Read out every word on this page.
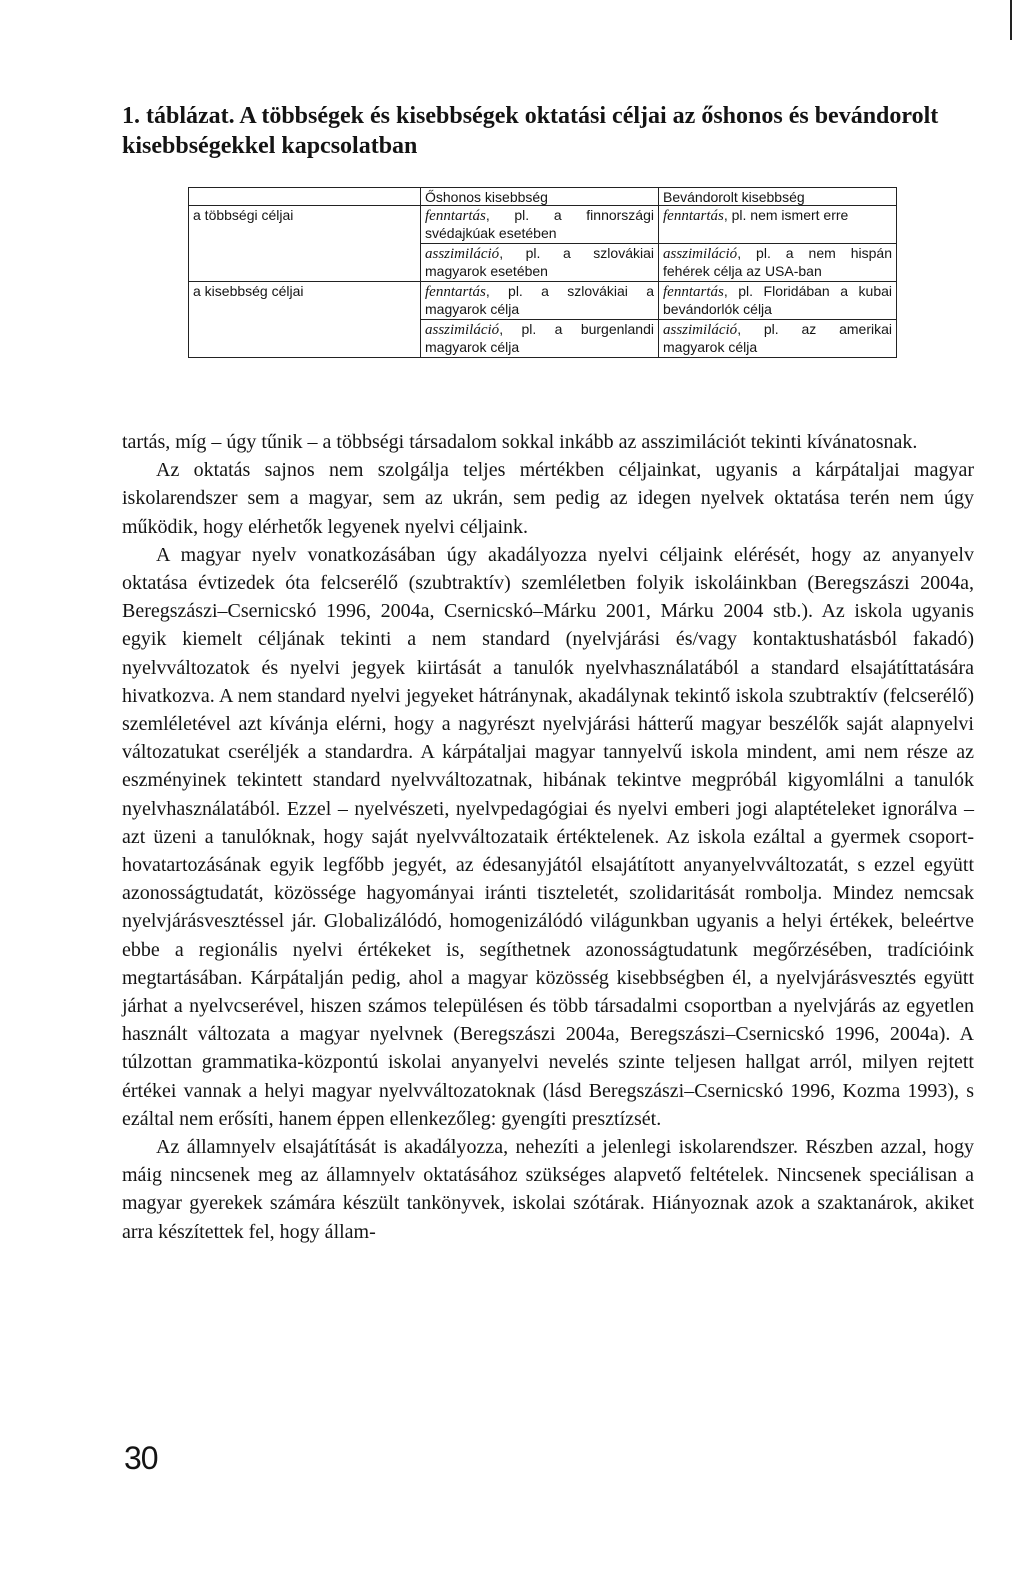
1. táblázat. A többségek és kisebbségek oktatási céljai az őshonos és bevándorolt kisebbségekkel kapcsolatban
	Őshonos kisebbség	Bevándorolt kisebbség
a többségi céljai	fenntartás, pl. a finnországi svédajkúak esetében	fenntartás, pl. nem ismert erre
	asszimiláció, pl. a szlovákiai magyarok esetében	asszimiláció, pl. a nem hispán fehérek célja az USA-ban
a kisebbség céljai	fenntartás, pl. a szlovákiai a magyarok célja	fenntartás, pl. Floridában a kubai bevándorlók célja
	asszimiláció, pl. a burgenlandi magyarok célja	asszimiláció, pl. az amerikai magyarok célja

tartás, míg – úgy tűnik – a többségi társadalom sokkal inkább az asszimilációt tekinti kívánatosnak.

Az oktatás sajnos nem szolgálja teljes mértékben céljainkat, ugyanis a kárpátaljai magyar iskolarendszer sem a magyar, sem az ukrán, sem pedig az idegen nyelvek oktatása terén nem úgy működik, hogy elérhetők legyenek nyelvi céljaink.

A magyar nyelv vonatkozásában úgy akadályozza nyelvi céljaink elérését, hogy az anyanyelv oktatása évtizedek óta felcserélő (szubtraktív) szemléletben folyik iskoláinkban (Beregszászi 2004a, Beregszászi–Csernicskó 1996, 2004a, Csernicskó–Márku 2001, Márku 2004 stb.). Az iskola ugyanis egyik kiemelt céljának tekinti a nem standard (nyelvjárási és/vagy kontaktushatásból fakadó) nyelvváltozatok és nyelvi jegyek kiirtását a tanulók nyelvhasználatából a standard elsajátíttatására hivatkozva. A nem standard nyelvi jegyeket hátránynak, akadálynak tekintő iskola szubtraktív (felcserélő) szemléletével azt kívánja elérni, hogy a nagyrészt nyelvjárási hátterű magyar beszélők saját alapnyelvi változatukat cseréljék a standardra. A kárpátaljai magyar tannyelvű iskola mindent, ami nem része az eszményinek tekintett standard nyelvváltozatnak, hibának tekintve megpróbál kigyomlálni a tanulók nyelvhasználatából. Ezzel – nyelvészeti, nyelvpedagógiai és nyelvi emberi jogi alaptételeket ignorálva – azt üzeni a tanulóknak, hogy saját nyelvváltozataik értéktelenek. Az iskola ezáltal a gyermek csoport-hovatartozásának egyik legfőbb jegyét, az édesanyjától elsajátított anyanyelvváltozatát, s ezzel együtt azonosságtudatát, közössége hagyományai iránti tiszteletét, szolidaritását rombolja. Mindez nemcsak nyelvjárásvesztéssel jár. Globalizálódó, homogenizálódó világunkban ugyanis a helyi értékek, beleértve ebbe a regionális nyelvi értékeket is, segíthetnek azonosságtudatunk megőrzésében, tradícióink megtartásában. Kárpátalján pedig, ahol a magyar közösség kisebbségben él, a nyelvjárásvesztés együtt járhat a nyelvcserével, hiszen számos településen és több társadalmi csoportban a nyelvjárás az egyetlen használt változata a magyar nyelvnek (Beregszászi 2004a, Beregszászi–Csernicskó 1996, 2004a). A túlzottan grammatika-központú iskolai anyanyelvi nevelés szinte teljesen hallgat arról, milyen rejtett értékei vannak a helyi magyar nyelvváltozatoknak (lásd Beregszászi–Csernicskó 1996, Kozma 1993), s ezáltal nem erősíti, hanem éppen ellenkezőleg: gyengíti presztízsét.

Az államnyelv elsajátítását is akadályozza, nehezíti a jelenlegi iskolarendszer. Részben azzal, hogy máig nincsenek meg az államnyelv oktatásához szükséges alapvető feltételek. Nincsenek speciálisan a magyar gyerekek számára készült tankönyvek, iskolai szótárak. Hiányoznak azok a szaktanárok, akiket arra készítettek fel, hogy állam-

30
